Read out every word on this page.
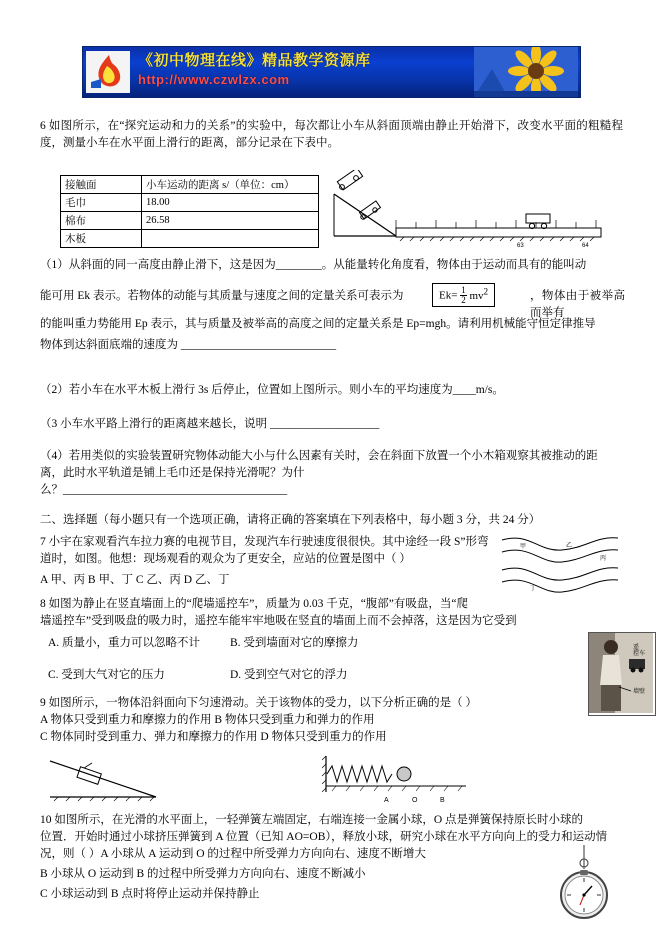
《初中物理在线》精品教学资源库
http://www.czwlzx.com
6 如图所示，在“探究运动和力的关系”的实验中，每次都让小车从斜面顶端由静止开始滑下，改变水平面的粗糙程度，测量小车在水平面上滑行的距离，部分记录在下表中。
接触面	小车运动的距离 s/（单位：cm）
毛巾	18.00
棉布	26.58
木板	
63	64
（1）从斜面的同一高度由静止滑下，这是因为________。从能量转化角度看，物体由于运动而具有的能叫动
能可用 Ek 表示。若物体的动能与其质量与速度之间的定量关系可表示为	$Ek= \frac{1}{2} mv^2$	，物体由于被举高而举有
的能叫重力势能用 Ep 表示，其与质量及被举高的高度之间的定量关系是 Ep=mgh。请利用机械能守恒定律推导
物体到达斜面底端的速度为 ___________________________
（2）若小车在水平木板上滑行 3s 后停止，位置如上图所示。则小车的平均速度为____m/s。
（3 小车水平路上滑行的距离越来越长，说明 ___________________
（4）若用类似的实验装置研究物体动能大小与什么因素有关时，会在斜面下放置一个小木箱观察其被推动的距
离，此时水平轨道是铺上毛巾还是保持光滑呢？为什
么？_______________________________________
二、选择题（每小题只有一个选项正确，请将正确的答案填在下列表格中，每小题 3 分，共 24 分）
7 小宇在家观看汽车拉力赛的电视节目，发现汽车行驶速度很很快。其中途经一段 S”形弯
道时，如图。他想：现场观看的观众为了更安全，应站的位置是图中（ ）
A 甲、丙 B 甲、丁 C 乙、丙 D 乙、丁
甲	乙
丙
丁
8 如图为静止在竖直墙面上的“爬墙遥控车”，质量为 0.03 千克，“腹部”有吸盘，当“爬
墙遥控车”受到吸盘的吸力时，遥控车能牢牢地吸在竖直的墙面上而不会掉落，这是因为它受到
A. 质量小，重力可以忽略不计	B. 受到墙面对它的摩擦力
C. 受到大气对它的压力	D. 受到空气对它的浮力
遥
控车
墙壁
9 如图所示，一物体沿斜面向下匀速滑动。关于该物体的受力，以下分析正确的是（ ）
A 物体只受到重力和摩擦力的作用 B 物体只受到重力和弹力的作用
C 物体同时受到重力、弹力和摩擦力的作用 D 物体只受到重力的作用
A	O	B
10 如图所示，在光滑的水平面上，一轻弹簧左端固定，右端连接一金属小球，O 点是弹簧保持原长时小球的
位置．开始时通过小球挤压弹簧到 A 位置（已知 AO=OB），释放小球，研究小球在水平方向向上的受力和运动情
况，则（ ）A 小球从 A 运动到 O 的过程中所受弹力方向向右、速度不断增大
B 小球从 O 运动到 B 的过程中所受弹力方向向右、速度不断减小
C 小球运动到 B 点时将停止运动并保持静止
